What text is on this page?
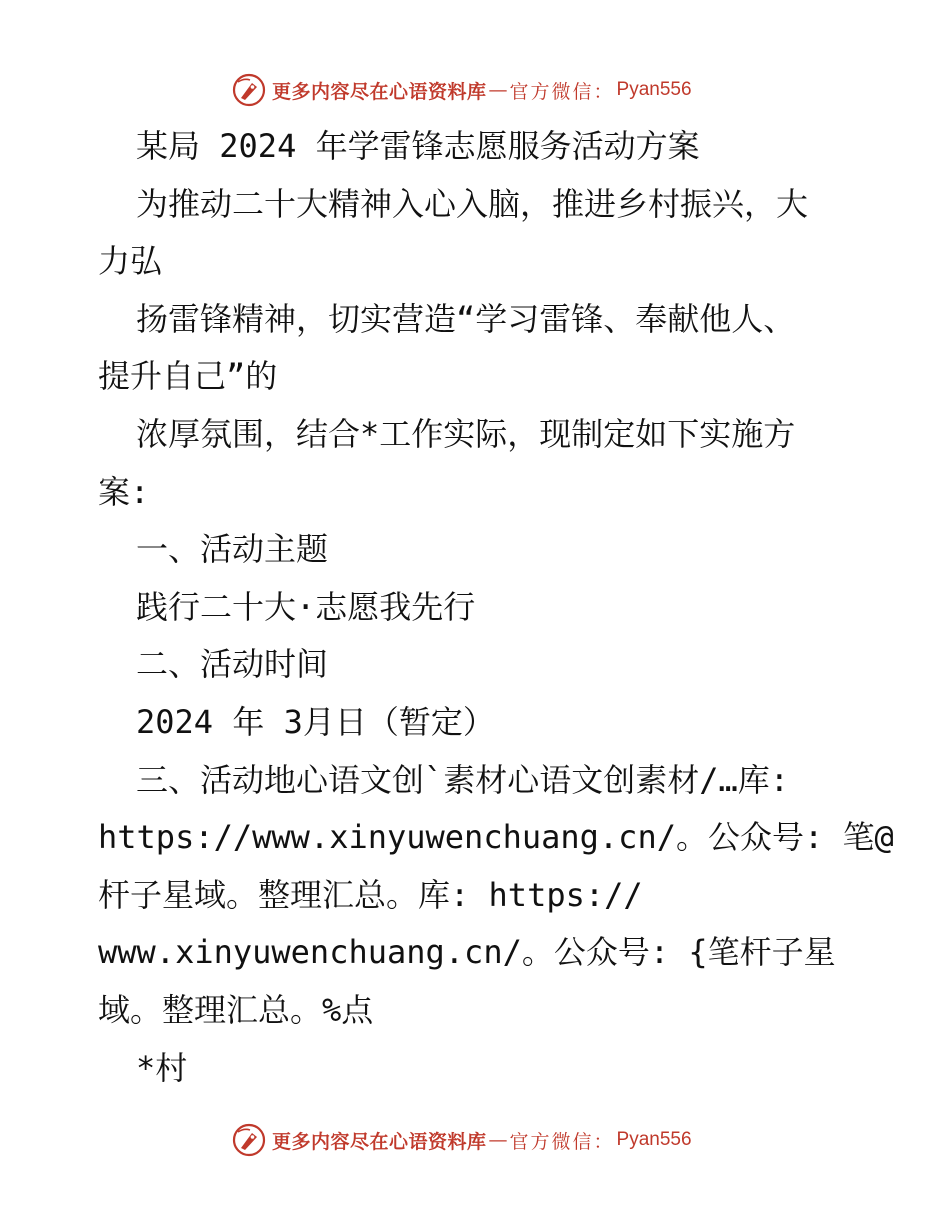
更多内容尽在心语资料库 — 官方微信： Pyan556
某局 2024 年学雷锋志愿服务活动方案
为推动二十大精神入心入脑，推进乡村振兴，大
力弘
扬雷锋精神，切实营造“学习雷锋、奉献他人、
提升自己”的
浓厚氛围，结合*工作实际，现制定如下实施方
案:
一、活动主题
践行二十大·志愿我先行
二、活动时间
2024 年 3月日（暂定）
三、活动地心语文创`素材心语文创素材/…库:
https://www.xinyuwenchuang.cn/。公众号: 笔@
杆子星域。整理汇总。库: https://
www.xinyuwenchuang.cn/。公众号: {笔杆子星
域。整理汇总。%点
*村
更多内容尽在心语资料库 — 官方微信： Pyan556
